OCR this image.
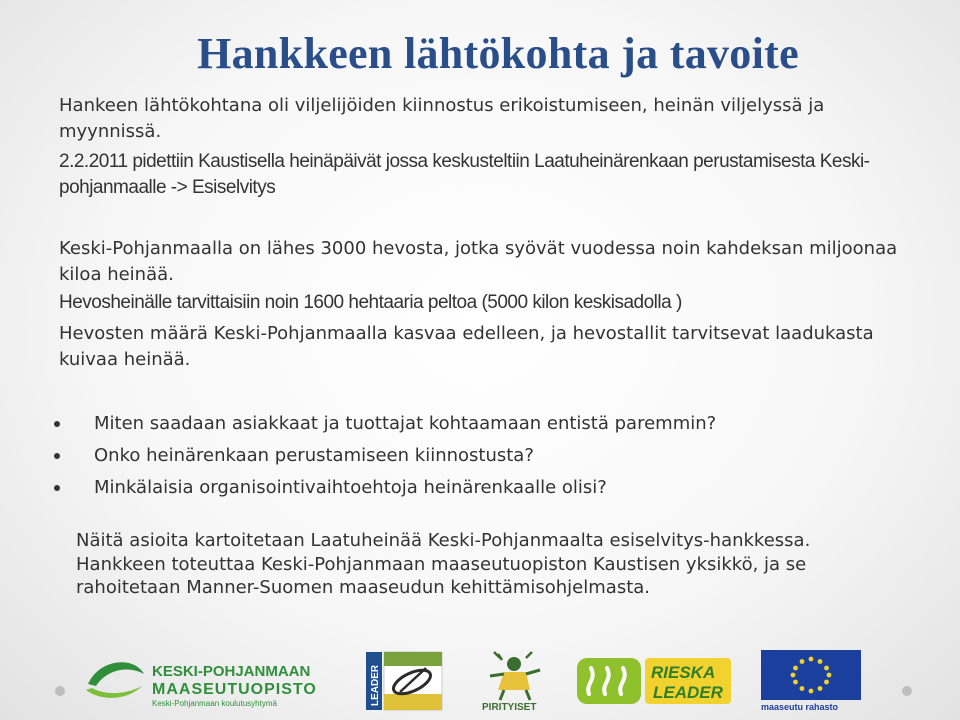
Hankkeen lähtökohta ja tavoite
Hankeen lähtökohtana oli viljelijöiden kiinnostus erikoistumiseen, heinän viljelyssä ja myynnissä.
2.2.2011 pidettiin Kaustisella heinäpäivät jossa keskusteltiin Laatuheinärenkaan perustamisesta Keski-pohjanmaalle -> Esiselvitys
Keski-Pohjanmaalla on lähes 3000 hevosta, jotka syövät vuodessa noin kahdeksan miljoonaa kiloa heinää.
Hevosheinälle tarvittaisiin noin 1600 hehtaaria peltoa (5000 kilon keskisadolla )
Hevosten määrä Keski-Pohjanmaalla kasvaa edelleen, ja hevostallit tarvitsevat laadukasta kuivaa heinää.
Miten saadaan asiakkaat ja tuottajat kohtaamaan entistä paremmin?
Onko heinärenkaan perustamiseen kiinnostusta?
Minkälaisia organisointivaihtoehtoja heinärenkaalle olisi?
Näitä asioita kartoitetaan Laatuheinää Keski-Pohjanmaalta esiselvitys-hankkessa. Hankkeen toteuttaa Keski-Pohjanmaan maaseutuopiston Kaustisen yksikkö, ja se rahoitetaan Manner-Suomen maaseudun kehittämisohjelmasta.
KESKI-POHJANMAAN
MAASEUTUOPISTO
Keski-Pohjanmaan koulutusyhtymä	LEADER
PIRITYISET
RIESKA
LEADER
maaseutu rahasto
